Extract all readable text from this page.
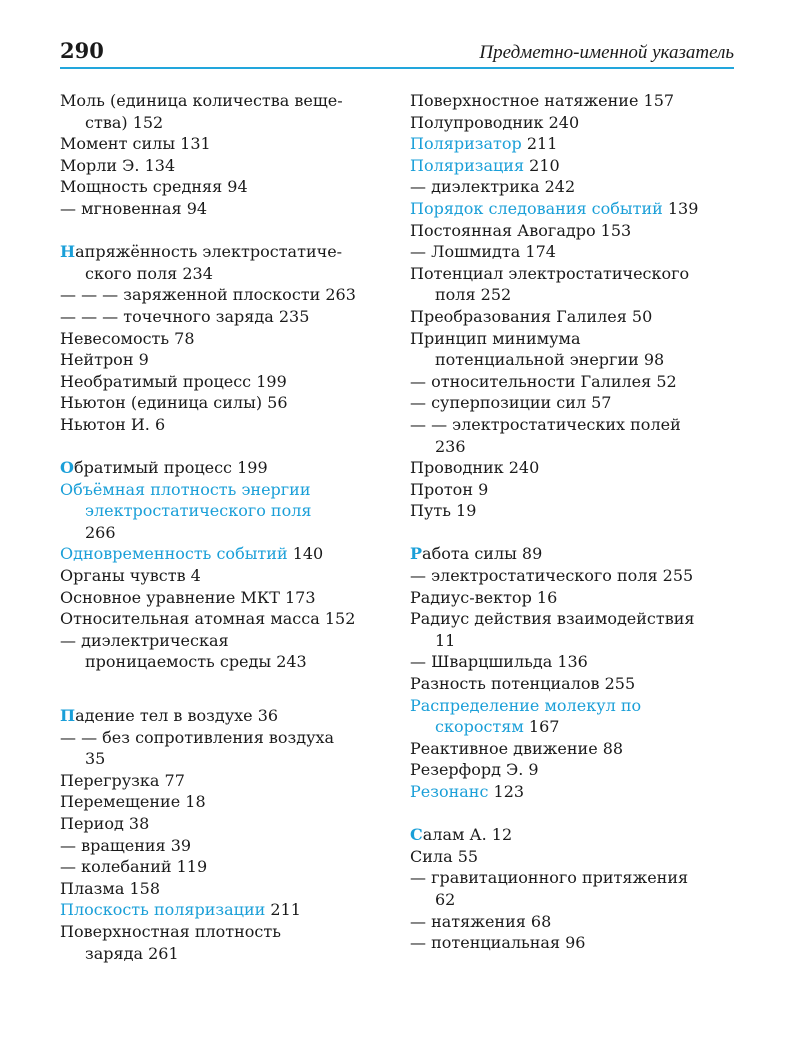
290	Предметно-именной указатель
Моль (единица количества веще-
ства) 152
Момент силы 131
Морли Э. 134
Мощность средняя 94
— мгновенная 94
Напряжённость электростатиче-
ского поля 234
— — — заряженной плоскости 263
— — — точечного заряда 235
Невесомость 78
Нейтрон 9
Необратимый процесс 199
Ньютон (единица силы) 56
Ньютон И. 6
Обратимый процесс 199
Объёмная плотность энергии
электростатического поля
266
Одновременность событий 140
Органы чувств 4
Основное уравнение МКТ 173
Относительная атомная масса 152
— диэлектрическая
проницаемость среды 243
Падение тел в воздухе 36
— — без сопротивления воздуха
35
Перегрузка 77
Перемещение 18
Период 38
— вращения 39
— колебаний 119
Плазма 158
Плоскость поляризации 211
Поверхностная плотность
заряда 261
Поверхностное натяжение 157
Полупроводник 240
Поляризатор 211
Поляризация 210
— диэлектрика 242
Порядок следования событий 139
Постоянная Авогадро 153
— Лошмидта 174
Потенциал электростатического
поля 252
Преобразования Галилея 50
Принцип минимума
потенциальной энергии 98
— относительности Галилея 52
— суперпозиции сил 57
— — электростатических полей
236
Проводник 240
Протон 9
Путь 19
Работа силы 89
— электростатического поля 255
Радиус-вектор 16
Радиус действия взаимодействия
11
— Шварцшильда 136
Разность потенциалов 255
Распределение молекул по
скоростям 167
Реактивное движение 88
Резерфорд Э. 9
Резонанс 123
Салам А. 12
Сила 55
— гравитационного притяжения
62
— натяжения 68
— потенциальная 96
